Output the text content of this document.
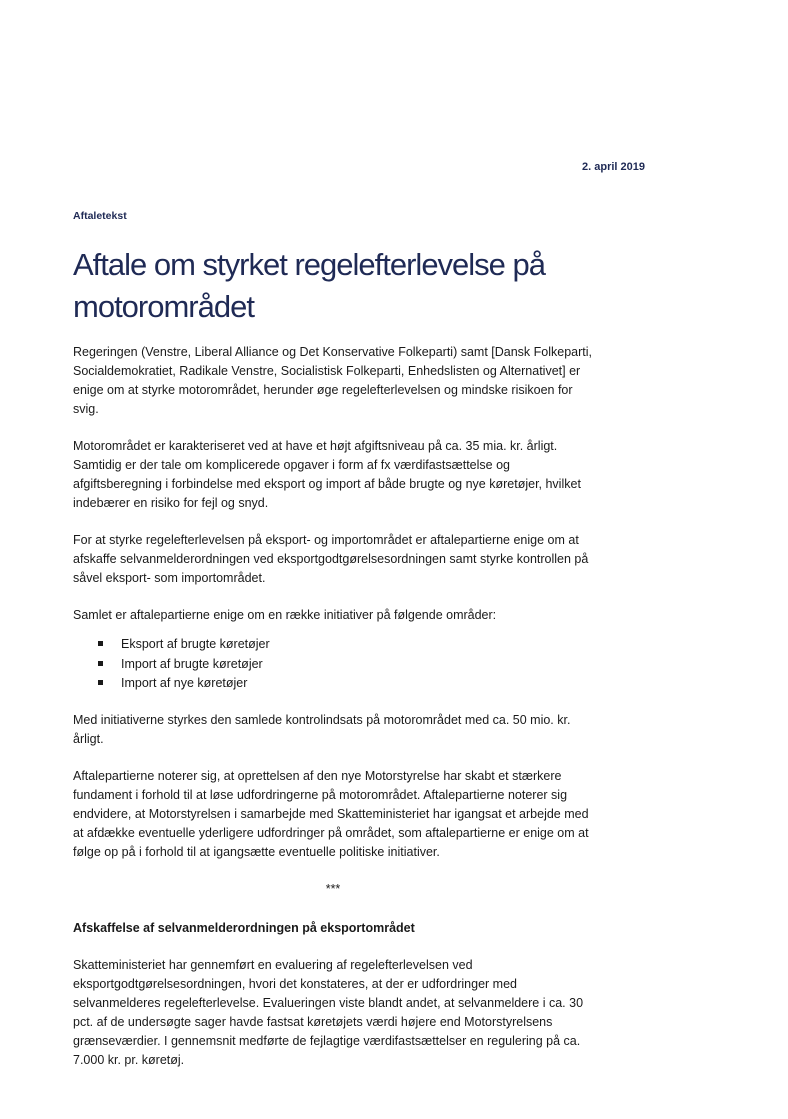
2. april 2019
Aftaletekst
Aftale om styrket regelefterlevelse på motorområdet

Regeringen (Venstre, Liberal Alliance og Det Konservative Folkeparti) samt [Dansk Folkeparti, Socialdemokratiet, Radikale Venstre, Socialistisk Folkeparti, Enhedslisten og Alternativet] er enige om at styrke motorområdet, herunder øge regelefterlevelsen og mindske risikoen for svig.

Motorområdet er karakteriseret ved at have et højt afgiftsniveau på ca. 35 mia. kr. årligt. Samtidig er der tale om komplicerede opgaver i form af fx værdifastsættelse og afgiftsberegning i forbindelse med eksport og import af både brugte og nye køretøjer, hvilket indebærer en risiko for fejl og snyd.

For at styrke regelefterlevelsen på eksport- og importområdet er aftalepartierne enige om at afskaffe selvanmelderordningen ved eksportgodtgørelsesordningen samt styrke kontrollen på såvel eksport- som importområdet.

Samlet er aftalepartierne enige om en række initiativer på følgende områder:

Eksport af brugte køretøjer
Import af brugte køretøjer
Import af nye køretøjer

Med initiativerne styrkes den samlede kontrolindsats på motorområdet med ca. 50 mio. kr. årligt.

Aftalepartierne noterer sig, at oprettelsen af den nye Motorstyrelse har skabt et stærkere fundament i forhold til at løse udfordringerne på motorområdet. Aftalepartierne noterer sig endvidere, at Motorstyrelsen i samarbejde med Skatteministeriet har igangsat et arbejde med at afdække eventuelle yderligere udfordringer på området, som aftalepartierne er enige om at følge op på i forhold til at igangsætte eventuelle politiske initiativer.

***

Afskaffelse af selvanmelderordningen på eksportområdet

Skatteministeriet har gennemført en evaluering af regelefterlevelsen ved eksportgodtgørelsesordningen, hvori det konstateres, at der er udfordringer med selvanmelderes regelefterlevelse. Evalueringen viste blandt andet, at selvanmeldere i ca. 30 pct. af de undersøgte sager havde fastsat køretøjets værdi højere end Motorstyrelsens grænseværdier. I gennemsnit medførte de fejlagtige værdifastsættelser en regulering på ca. 7.000 kr. pr. køretøj.
